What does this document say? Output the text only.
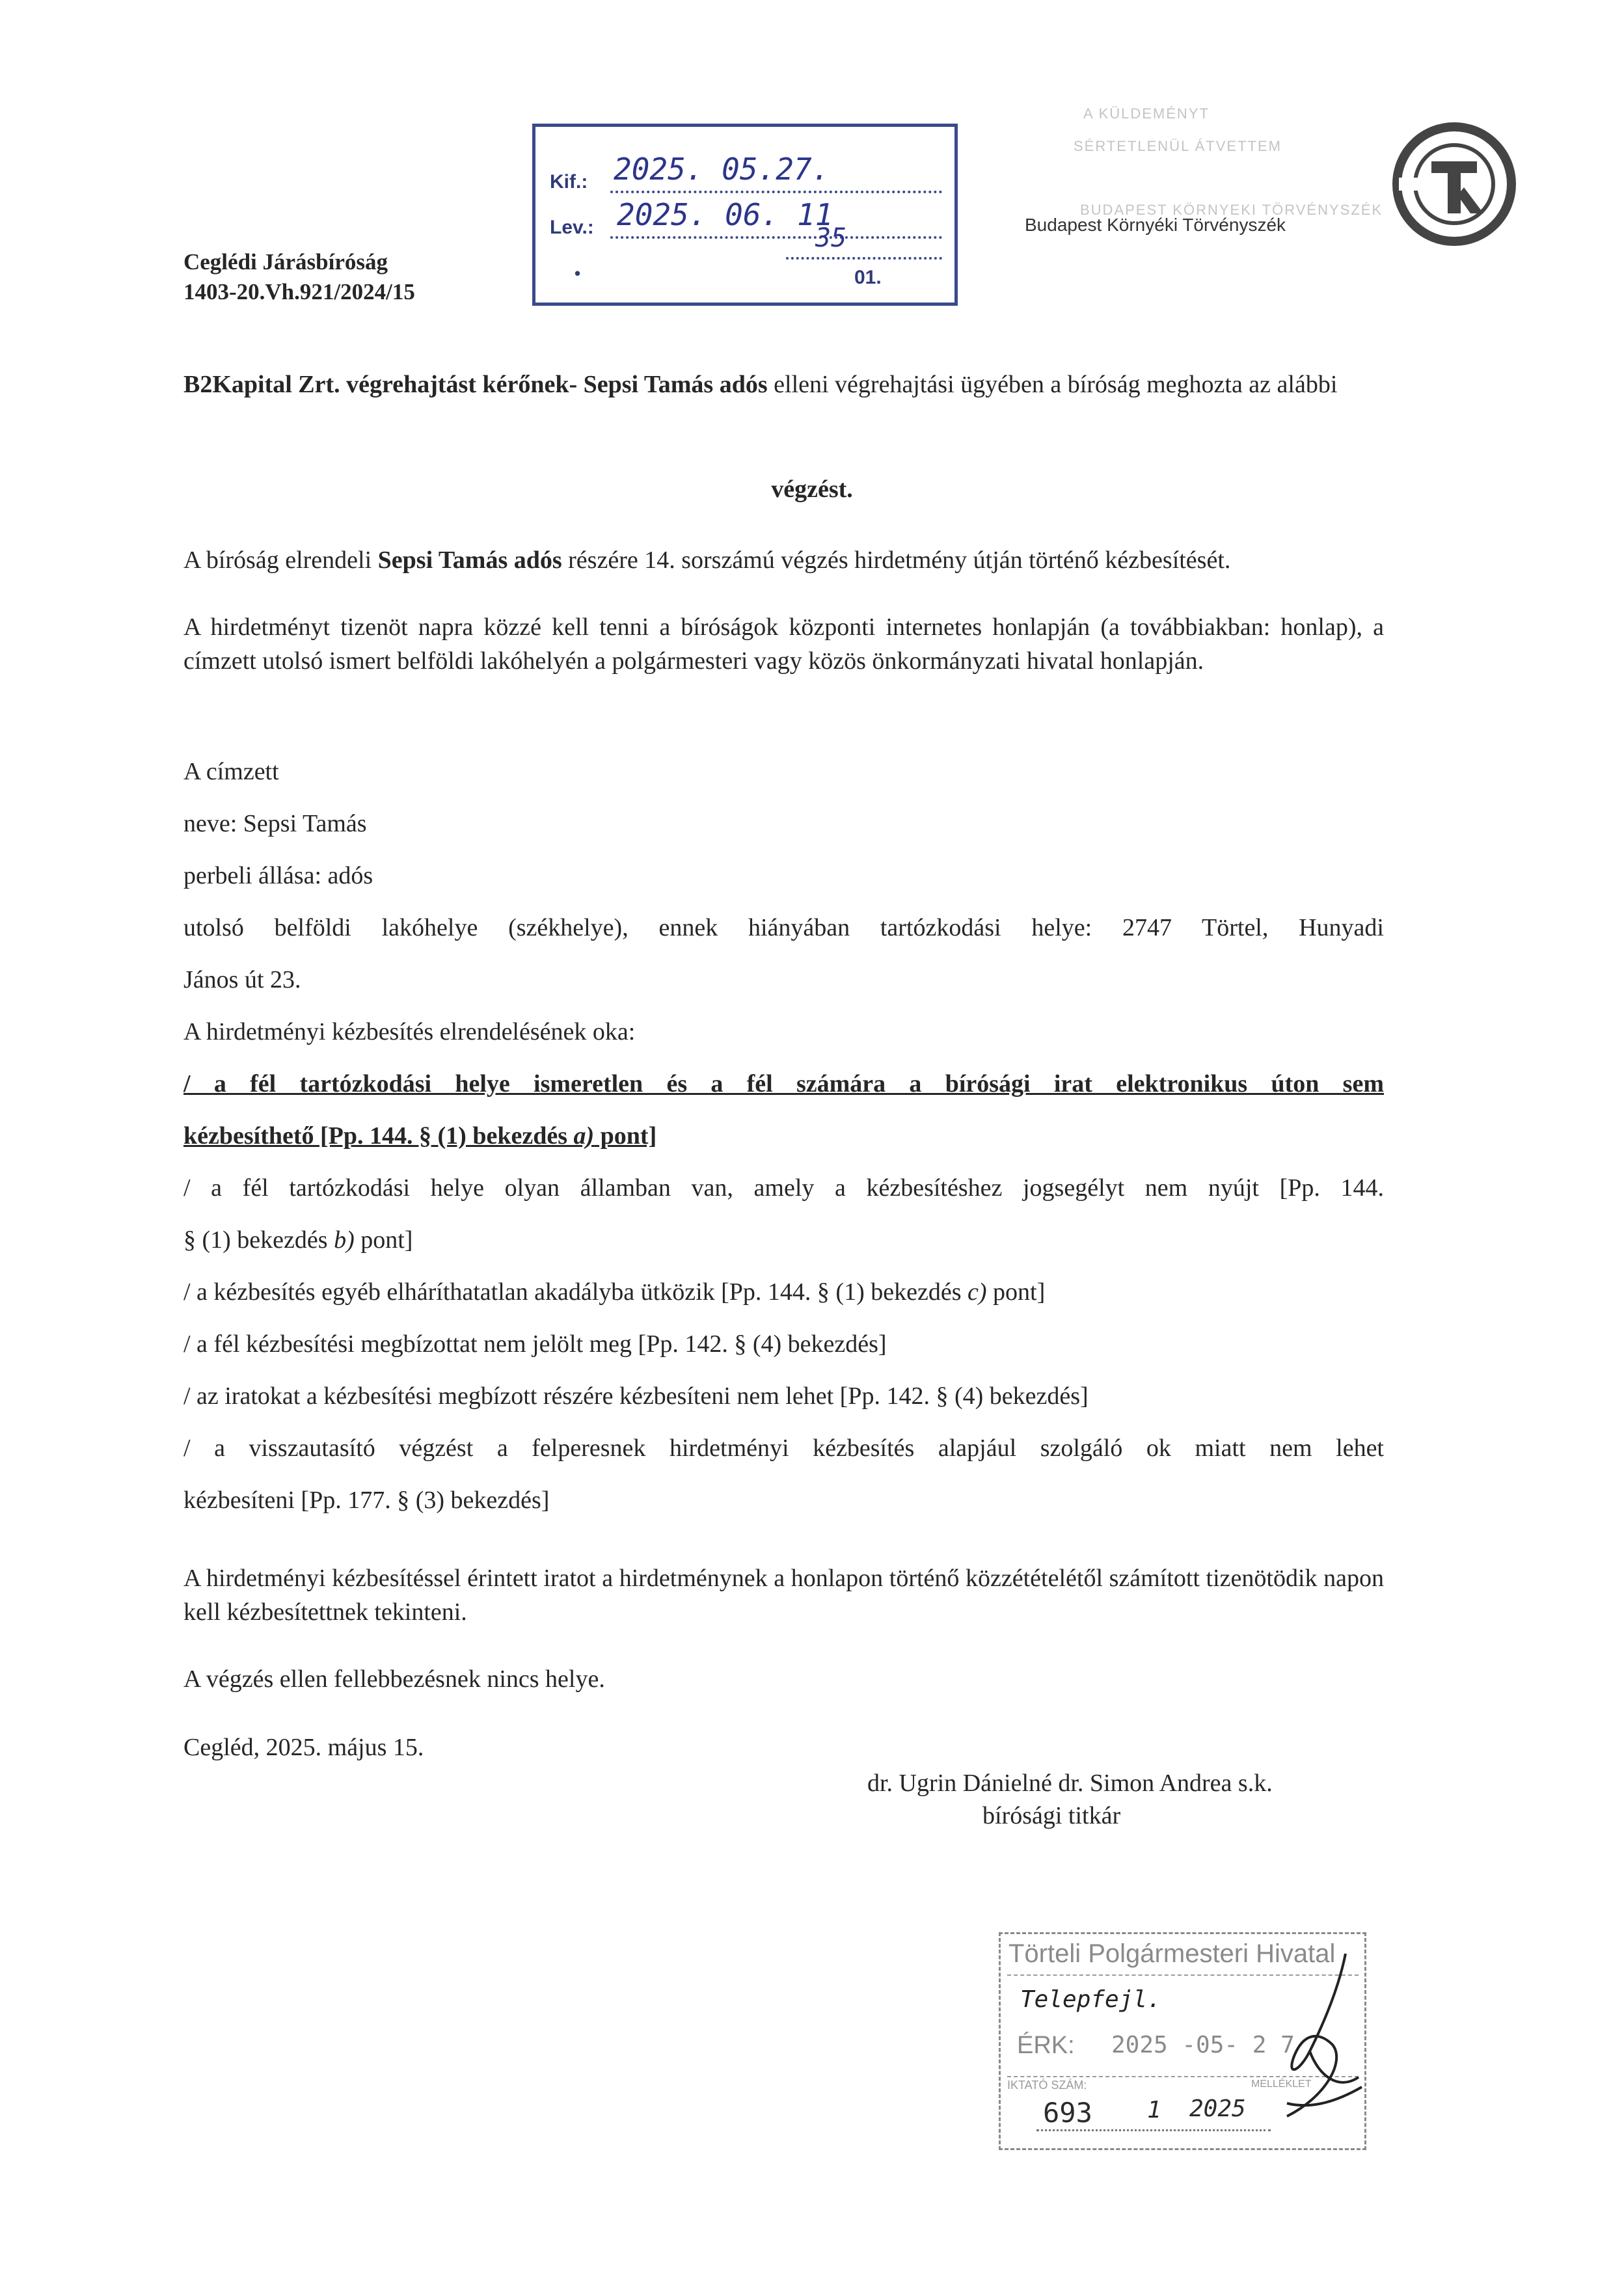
Ceglédi Járásbíróság
1403-20.Vh.921/2024/15
Kif.: 2025. 05.27.
Lev.: 2025. 06. 11
•
35
01.
A KÜLDEMÉNYT
SÉRTETLENÜL ÁTVETTEM
BUDAPEST KÖRNYEKI TÖRVÉNYSZÉK
Budapest Környéki Törvényszék
B2Kapital Zrt. végrehajtást kérőnek- Sepsi Tamás adós elleni végrehajtási ügyében a bíróság meghozta az alábbi
végzést.
A bíróság elrendeli Sepsi Tamás adós részére 14. sorszámú végzés hirdetmény útján történő kézbesítését.
A hirdetményt tizenöt napra közzé kell tenni a bíróságok központi internetes honlapján (a továbbiakban: honlap), a címzett utolsó ismert belföldi lakóhelyén a polgármesteri vagy közös önkormányzati hivatal honlapján.
A címzett
neve: Sepsi Tamás
perbeli állása: adós
utolsó belföldi lakóhelye (székhelye), ennek hiányában tartózkodási helye: 2747 Törtel, Hunyadi
János út 23.
A hirdetményi kézbesítés elrendelésének oka:
/ a fél tartózkodási helye ismeretlen és a fél számára a bírósági irat elektronikus úton sem
kézbesíthető [Pp. 144. § (1) bekezdés a) pont]
/ a fél tartózkodási helye olyan államban van, amely a kézbesítéshez jogsegélyt nem nyújt [Pp. 144.
§ (1) bekezdés b) pont]
/ a kézbesítés egyéb elháríthatatlan akadályba ütközik [Pp. 144. § (1) bekezdés c) pont]
/ a fél kézbesítési megbízottat nem jelölt meg [Pp. 142. § (4) bekezdés]
/ az iratokat a kézbesítési megbízott részére kézbesíteni nem lehet [Pp. 142. § (4) bekezdés]
/ a visszautasító végzést a felperesnek hirdetményi kézbesítés alapjául szolgáló ok miatt nem lehet
kézbesíteni [Pp. 177. § (3) bekezdés]
A hirdetményi kézbesítéssel érintett iratot a hirdetménynek a honlapon történő közzétételétől számított tizenötödik napon kell kézbesítettnek tekinteni.
A végzés ellen fellebbezésnek nincs helye.
Cegléd, 2025. május 15.
dr. Ugrin Dánielné dr. Simon Andrea s.k.
bírósági titkár
Törteli Polgármesteri Hivatal
Telepfejl.
ÉRK: 2025 -05- 2 7
IKTATÓ SZÁM:	MELLÉKLET
693 1 2025
